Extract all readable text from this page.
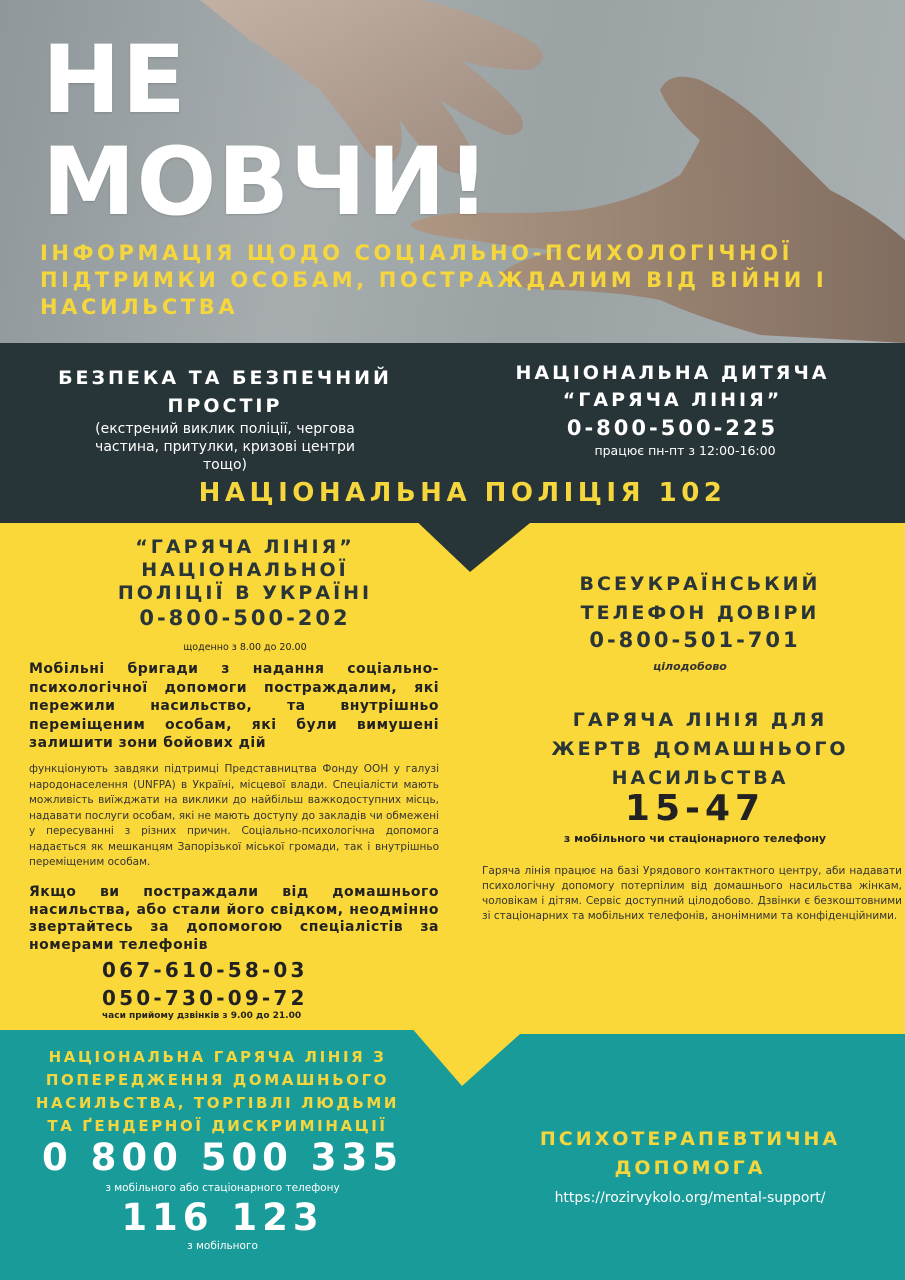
НЕ
МОВЧИ!
ІНФОРМАЦІЯ ЩОДО СОЦІАЛЬНО-ПСИХОЛОГІЧНОЇ ПІДТРИМКИ ОСОБАМ, ПОСТРАЖДАЛИМ ВІД ВІЙНИ І НАСИЛЬСТВА
БЕЗПЕКА ТА БЕЗПЕЧНИЙ
ПРОСТІР
(екстрений виклик поліції, чергова частина, притулки, кризові центри тощо)
НАЦІОНАЛЬНА ДИТЯЧА
“ГАРЯЧА ЛІНІЯ”
0-800-500-225
працює пн-пт з 12:00-16:00
НАЦІОНАЛЬНА ПОЛІЦІЯ 102
“ГАРЯЧА ЛІНІЯ”
НАЦІОНАЛЬНОЇ
ПОЛІЦІЇ В УКРАЇНІ
0-800-500-202
щоденно з 8.00 до 20.00
Мобільні бригади з надання соціально-психологічної допомоги постраждалим, які пережили насильство, та внутрішньо переміщеним особам, які були вимушені залишити зони бойових дій
функціонують завдяки підтримці Представництва Фонду ООН у галузі народонаселення (UNFPA) в Україні, місцевої влади. Спеціалісти мають можливість виїжджати на виклики до найбільш важкодоступних місць, надавати послуги особам, які не мають доступу до закладів чи обмежені у пересуванні з різних причин. Соціально-психологічна допомога надається як мешканцям Запорізької міської громади, так і внутрішньо переміщеним особам.
Якщо ви постраждали від домашнього насильства, або стали його свідком, неодмінно звертайтесь за допомогою спеціалістів за номерами телефонів
067-610-58-03
050-730-09-72
часи прийому дзвінків з 9.00 до 21.00
ВСЕУКРАЇНСЬКИЙ
ТЕЛЕФОН ДОВІРИ
0-800-501-701
цілодобово
ГАРЯЧА ЛІНІЯ ДЛЯ
ЖЕРТВ ДОМАШНЬОГО
НАСИЛЬСТВА
15-47
з мобільного чи стаціонарного телефону
Гаряча лінія працює на базі Урядового контактного центру, аби надавати психологічну допомогу потерпілим від домашнього насильства жінкам, чоловікам і дітям. Сервіс доступний цілодобово. Дзвінки є безкоштовними зі стаціонарних та мобільних телефонів, анонімними та конфіденційними.
НАЦІОНАЛЬНА ГАРЯЧА ЛІНІЯ З
ПОПЕРЕДЖЕННЯ ДОМАШНЬОГО
НАСИЛЬСТВА, ТОРГІВЛІ ЛЮДЬМИ
ТА ҐЕНДЕРНОЇ ДИСКРИМІНАЦІЇ
0 800 500 335
з мобільного або стаціонарного телефону
116 123
з мобільного
ПСИХОТЕРАПЕВТИЧНА
ДОПОМОГА
https://rozirvykolo.org/mental-support/
